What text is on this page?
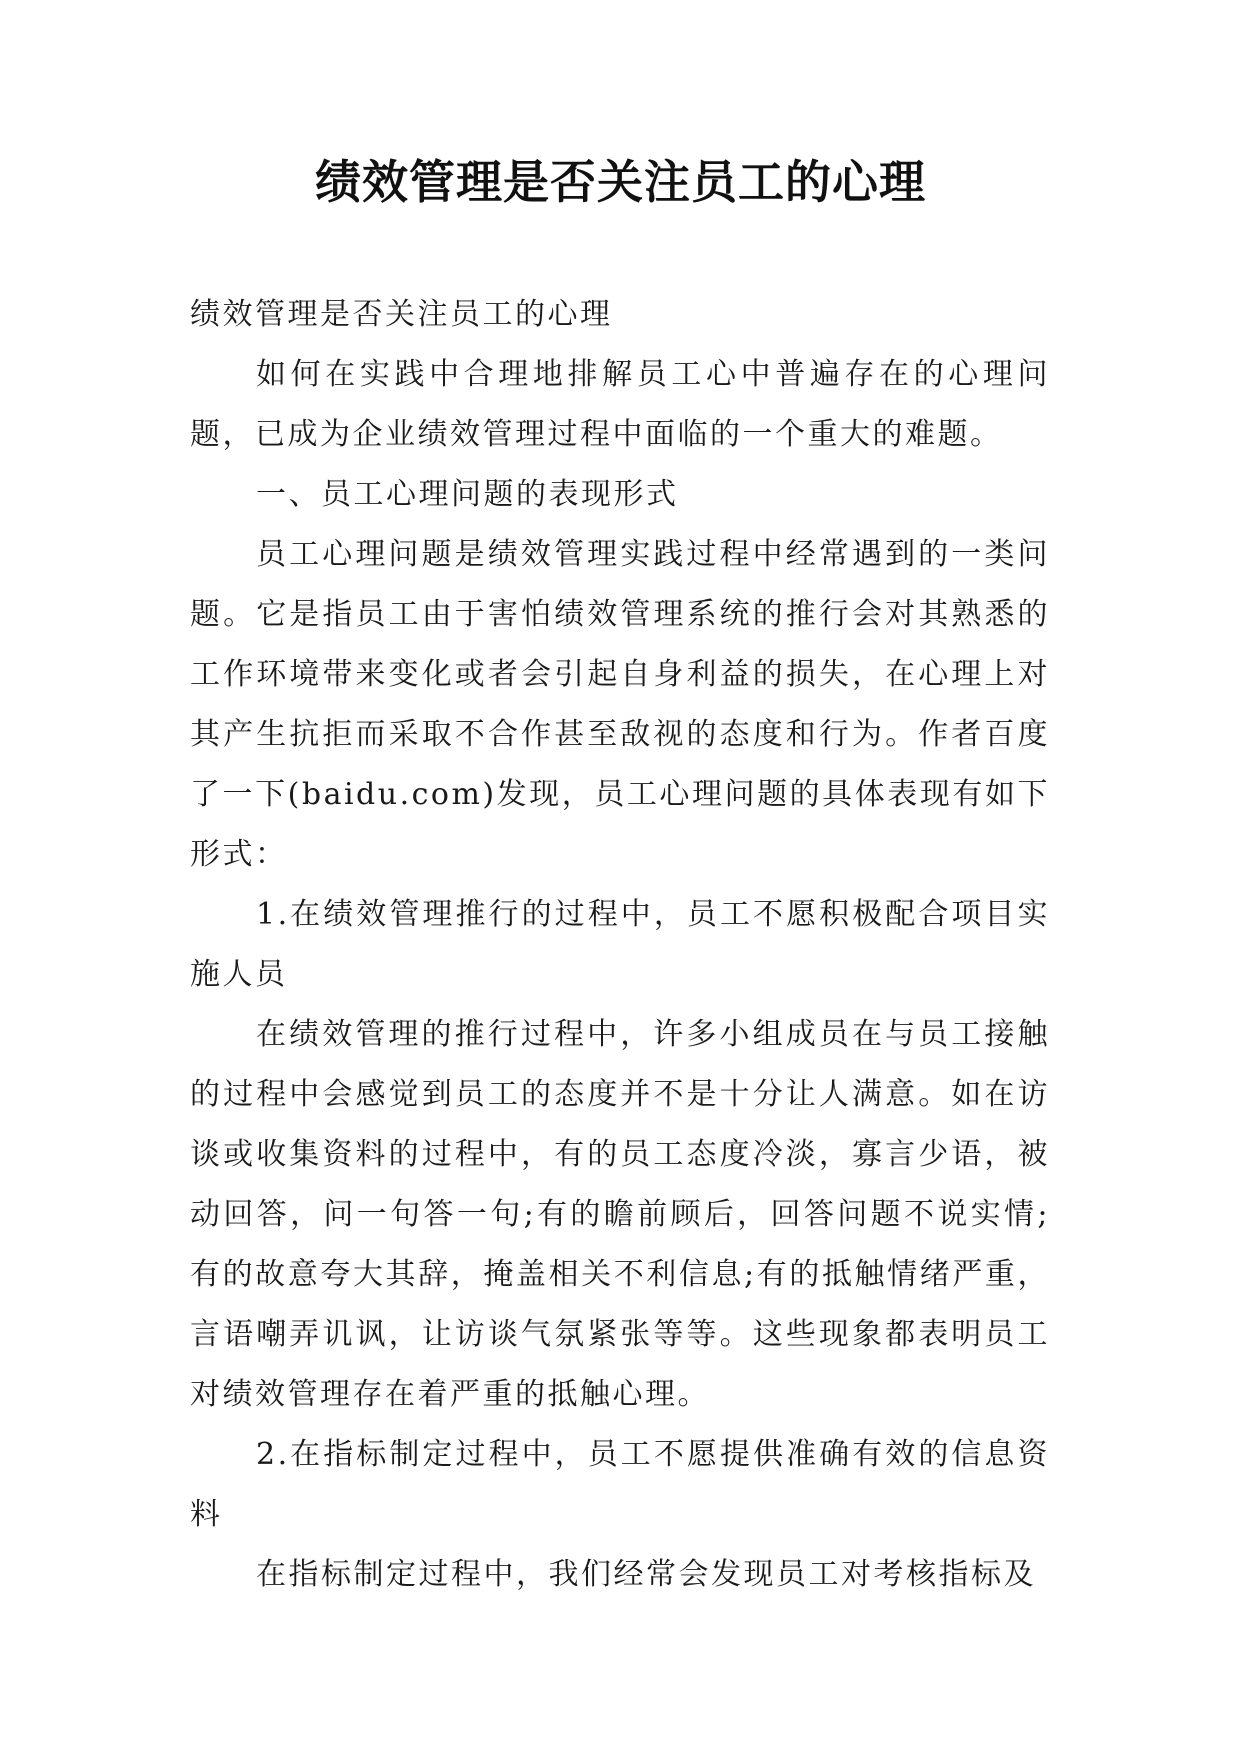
绩效管理是否关注员工的心理

绩效管理是否关注员工的心理

如何在实践中合理地排解员工心中普遍存在的心理问题，已成为企业绩效管理过程中面临的一个重大的难题。

一、员工心理问题的表现形式

员工心理问题是绩效管理实践过程中经常遇到的一类问题。它是指员工由于害怕绩效管理系统的推行会对其熟悉的工作环境带来变化或者会引起自身利益的损失，在心理上对其产生抗拒而采取不合作甚至敌视的态度和行为。作者百度了一下(baidu.com)发现，员工心理问题的具体表现有如下形式：

1.在绩效管理推行的过程中，员工不愿积极配合项目实施人员

在绩效管理的推行过程中，许多小组成员在与员工接触的过程中会感觉到员工的态度并不是十分让人满意。如在访谈或收集资料的过程中，有的员工态度冷淡，寡言少语，被动回答，问一句答一句;有的瞻前顾后，回答问题不说实情;有的故意夸大其辞，掩盖相关不利信息;有的抵触情绪严重，言语嘲弄讥讽，让访谈气氛紧张等等。这些现象都表明员工对绩效管理存在着严重的抵触心理。

2.在指标制定过程中，员工不愿提供准确有效的信息资料

在指标制定过程中，我们经常会发现员工对考核指标及
